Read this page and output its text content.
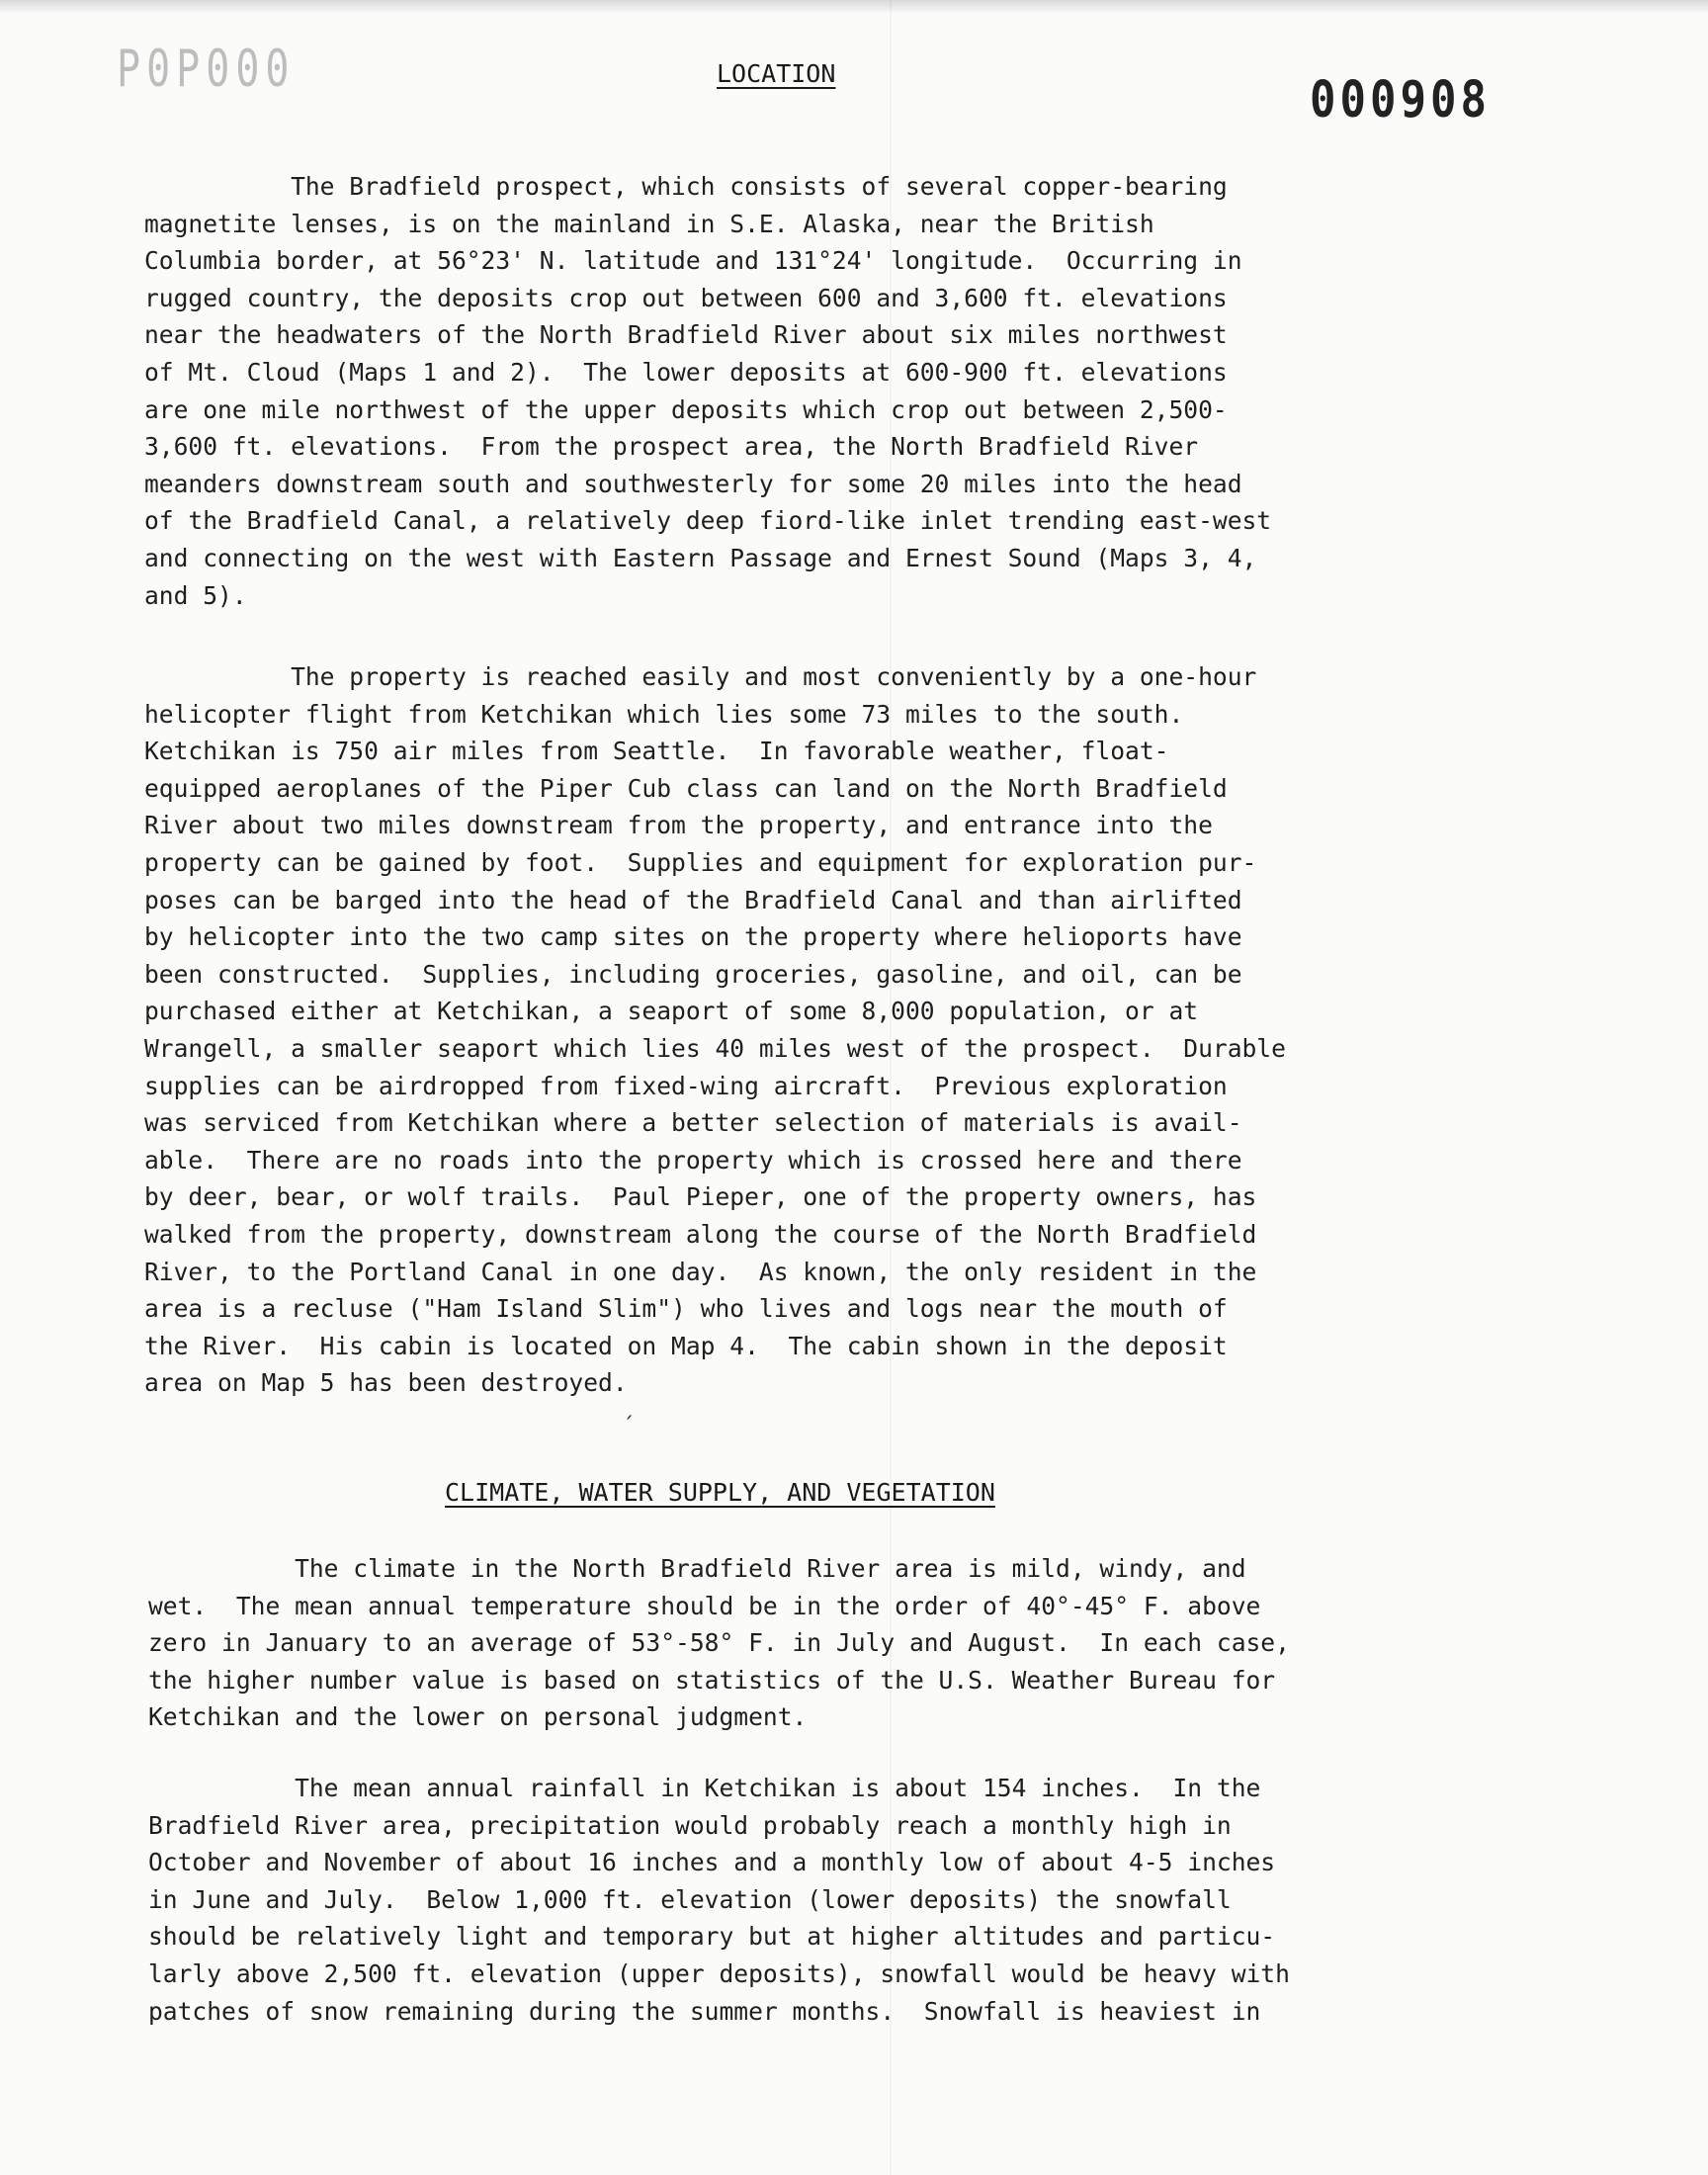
P0P000
000908
LOCATION

The Bradfield prospect, which consists of several copper-bearing
magnetite lenses, is on the mainland in S.E. Alaska, near the British
Columbia border, at 56°23' N. latitude and 131°24' longitude.  Occurring in
rugged country, the deposits crop out between 600 and 3,600 ft. elevations
near the headwaters of the North Bradfield River about six miles northwest
of Mt. Cloud (Maps 1 and 2).  The lower deposits at 600-900 ft. elevations
are one mile northwest of the upper deposits which crop out between 2,500-
3,600 ft. elevations.  From the prospect area, the North Bradfield River
meanders downstream south and southwesterly for some 20 miles into the head
of the Bradfield Canal, a relatively deep fiord-like inlet trending east-west
and connecting on the west with Eastern Passage and Ernest Sound (Maps 3, 4,
and 5).

The property is reached easily and most conveniently by a one-hour
helicopter flight from Ketchikan which lies some 73 miles to the south.
Ketchikan is 750 air miles from Seattle.  In favorable weather, float-
equipped aeroplanes of the Piper Cub class can land on the North Bradfield
River about two miles downstream from the property, and entrance into the
property can be gained by foot.  Supplies and equipment for exploration pur-
poses can be barged into the head of the Bradfield Canal and than airlifted
by helicopter into the two camp sites on the property where helioports have
been constructed.  Supplies, including groceries, gasoline, and oil, can be
purchased either at Ketchikan, a seaport of some 8,000 population, or at
Wrangell, a smaller seaport which lies 40 miles west of the prospect.  Durable
supplies can be airdropped from fixed-wing aircraft.  Previous exploration
was serviced from Ketchikan where a better selection of materials is avail-
able.  There are no roads into the property which is crossed here and there
by deer, bear, or wolf trails.  Paul Pieper, one of the property owners, has
walked from the property, downstream along the course of the North Bradfield
River, to the Portland Canal in one day.  As known, the only resident in the
area is a recluse ("Ham Island Slim") who lives and logs near the mouth of
the River.  His cabin is located on Map 4.  The cabin shown in the deposit
area on Map 5 has been destroyed.

ˏ
CLIMATE, WATER SUPPLY, AND VEGETATION

The climate in the North Bradfield River area is mild, windy, and
wet.  The mean annual temperature should be in the order of 40°-45° F. above
zero in January to an average of 53°-58° F. in July and August.  In each case,
the higher number value is based on statistics of the U.S. Weather Bureau for
Ketchikan and the lower on personal judgment.

The mean annual rainfall in Ketchikan is about 154 inches.  In the
Bradfield River area, precipitation would probably reach a monthly high in
October and November of about 16 inches and a monthly low of about 4-5 inches
in June and July.  Below 1,000 ft. elevation (lower deposits) the snowfall
should be relatively light and temporary but at higher altitudes and particu-
larly above 2,500 ft. elevation (upper deposits), snowfall would be heavy with
patches of snow remaining during the summer months.  Snowfall is heaviest in
